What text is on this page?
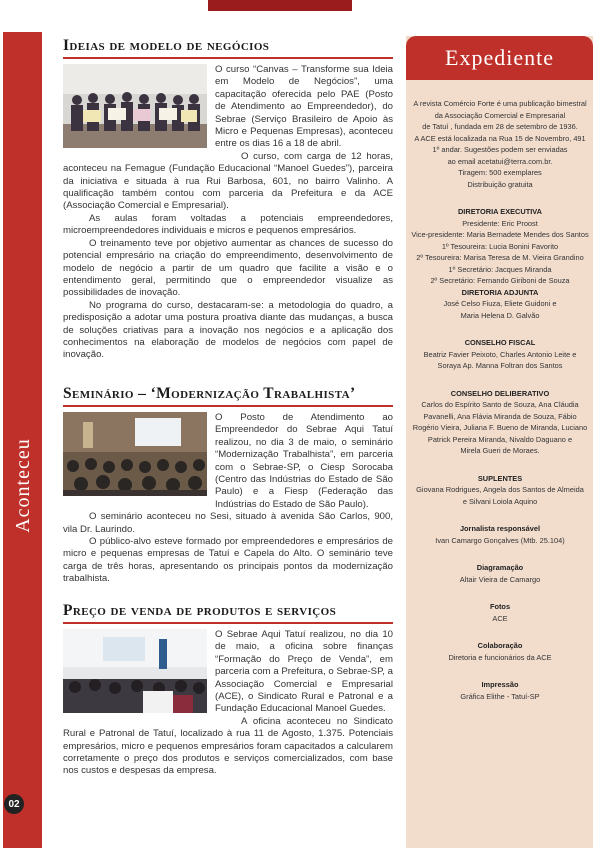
Aconteceu
02
Ideias de modelo de negócios

O curso “Canvas – Transforme sua Ideia em Modelo de Negócios”, uma capacitação oferecida pelo PAE (Posto de Atendimento ao Empreendedor), do Sebrae (Serviço Brasileiro de Apoio às Micro e Pequenas Empresas), aconteceu entre os dias 16 a 18 de abril.

O curso, com carga de 12 horas, aconteceu na Femague (Fundação Educacional “Manoel Guedes”), parceira da iniciativa e situada à rua Rui Barbosa, 601, no bairro Valinho. A qualificação também contou com parceria da Prefeitura e da ACE (Associação Comercial e Empresarial).

As aulas foram voltadas a potenciais empreendedores, microempreendedores individuais e micros e pequenos empresários.

O treinamento teve por objetivo aumentar as chances de sucesso do potencial empresário na criação do empreendimento, desenvolvimento de modelo de negócio a partir de um quadro que facilite a visão e o entendimento geral, permitindo que o empreendedor visualize as possibilidades de inovação.

No programa do curso, destacaram-se: a metodologia do quadro, a predisposição a adotar uma postura proativa diante das mudanças, a busca de soluções criativas para a inovação nos negócios e a aplicação dos conhecimentos na elaboração de modelos de negócios com papel de inovação.

Seminário – ‘Modernização Trabalhista’

O Posto de Atendimento ao Empreendedor do Sebrae Aqui Tatuí realizou, no dia 3 de maio, o seminário “Modernização Trabalhista”, em parceria com o Sebrae-SP, o Ciesp Sorocaba (Centro das Indústrias do Estado de São Paulo) e a Fiesp (Federação das Indústrias do Estado de São Paulo).

O seminário aconteceu no Sesi, situado à avenida São Carlos, 900, vila Dr. Laurindo.

O público-alvo esteve formado por empreendedores e empresários de micro e pequenas empresas de Tatuí e Capela do Alto. O seminário teve carga de três horas, apresentando os principais pontos da modernização trabalhista.

Preço de venda de produtos e serviços

O Sebrae Aqui Tatuí realizou, no dia 10 de maio, a oficina sobre finanças “Formação do Preço de Venda”, em parceria com a Prefeitura, o Sebrae-SP, a Associação Comercial e Empresarial (ACE), o Sindicato Rural e Patronal e a Fundação Educacional Manoel Guedes.

A oficina aconteceu no Sindicato Rural e Patronal de Tatuí, localizado à rua 11 de Agosto, 1.375. Potenciais empresários, micro e pequenos empresários foram capacitados a calcularem corretamente o preço dos produtos e serviços comercializados, com base nos custos e despesas da empresa.

Expediente
A revista Comércio Forte é uma publicação bimestral
da Associação Comercial e Empresarial
de Tatuí , fundada em 28 de setembro de 1936.
A ACE está localizada na Rua 15 de Novembro, 491
1º andar. Sugestões podem ser enviadas
ao email acetatui@terra.com.br.
Tiragem: 500 exemplares
Distribuição gratuita
DIRETORIA EXECUTIVA
Presidente: Eric Proost
Vice-presidente: Maria Bernadete Mendes dos Santos
1º Tesoureira: Lucia Bonini Favorito
2º Tesoureira: Marisa Teresa de M. Vieira Grandino
1º Secretário: Jacques Miranda
2º Secretário: Fernando Giriboni de Souza
DIRETORIA ADJUNTA
José Celso Fiuza, Eliete Guidoni e
Maria Helena D. Galvão
CONSELHO FISCAL
Beatriz Favier Peixoto, Charles Antonio Leite e
Soraya Ap. Manna Foltran dos Santos
CONSELHO DELIBERATIVO
Carlos do Espírito Santo de Souza, Ana Cláudia Pavanelli, Ana Flávia Miranda de Souza, Fábio Rogério Vieira, Juliana F. Bueno de Miranda, Luciano Patrick Pereira Miranda, Nivaldo Daguano e
Mirela Gueri de Moraes.
SUPLENTES
Giovana Rodrigues, Angela dos Santos de Almeida
e Silvani Loiola Aquino
Jornalista responsável
Ivan Camargo Gonçalves (Mtb. 25.104)
Diagramação
Altair Vieira de Camargo
Fotos
ACE
Colaboração
Diretoria e funcionários da ACE
Impressão
Gráfica Elithe - Tatuí-SP
